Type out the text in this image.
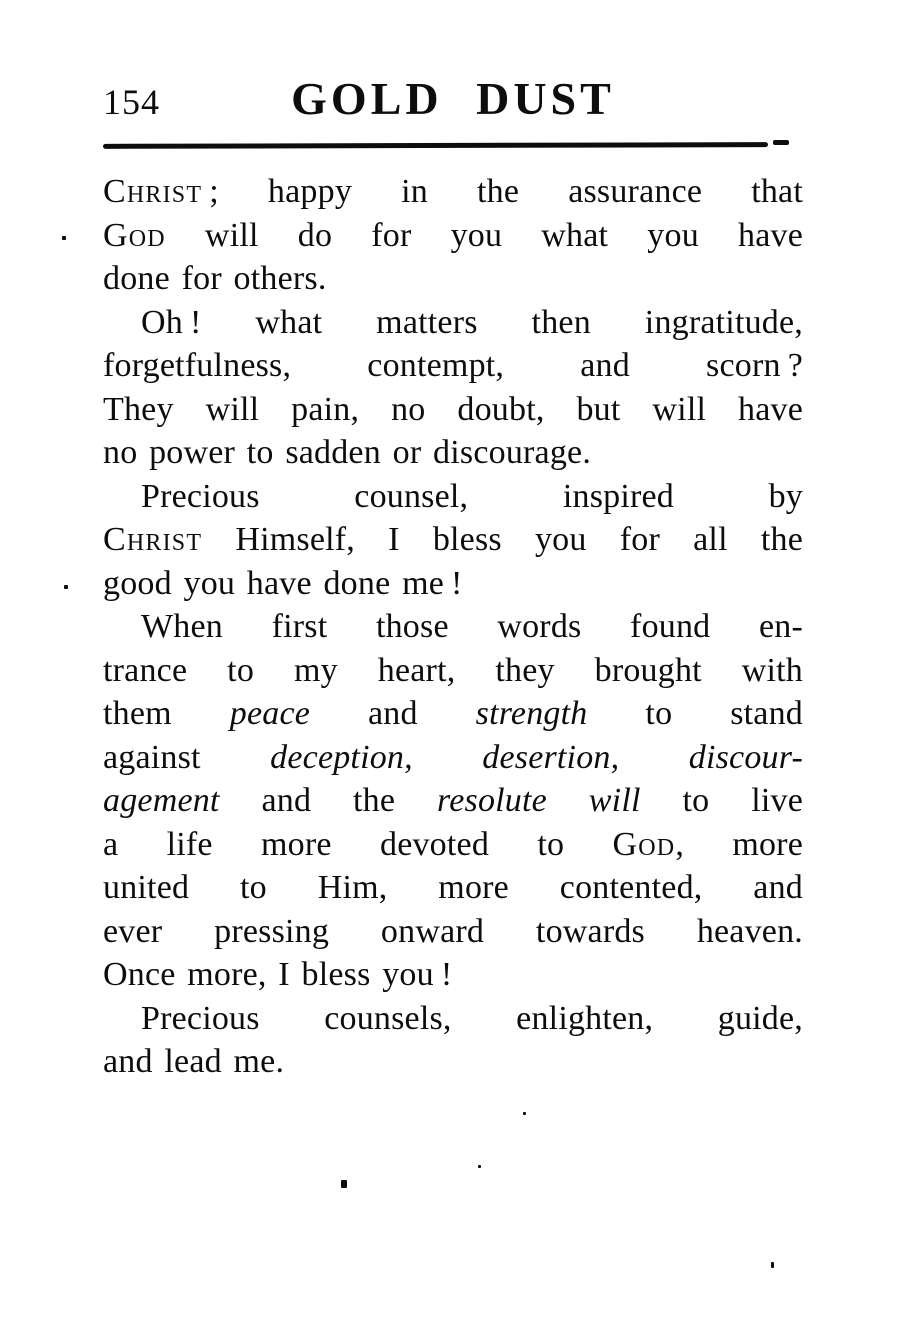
154	GOLD DUST

Christ ; happy in the assurance that
God will do for you what you have
done for others.

Oh ! what matters then ingratitude,
forgetfulness, contempt, and scorn ?
They will pain, no doubt, but will have
no power to sadden or discourage.

Precious counsel, inspired by
Christ Himself, I bless you for all the
good you have done me !

When first those words found en-
trance to my heart, they brought with
them peace and strength to stand
against deception, desertion, discour-
agement and the resolute will to live
a life more devoted to God, more
united to Him, more contented, and
ever pressing onward towards heaven.
Once more, I bless you !

Precious counsels, enlighten, guide,
and lead me.
